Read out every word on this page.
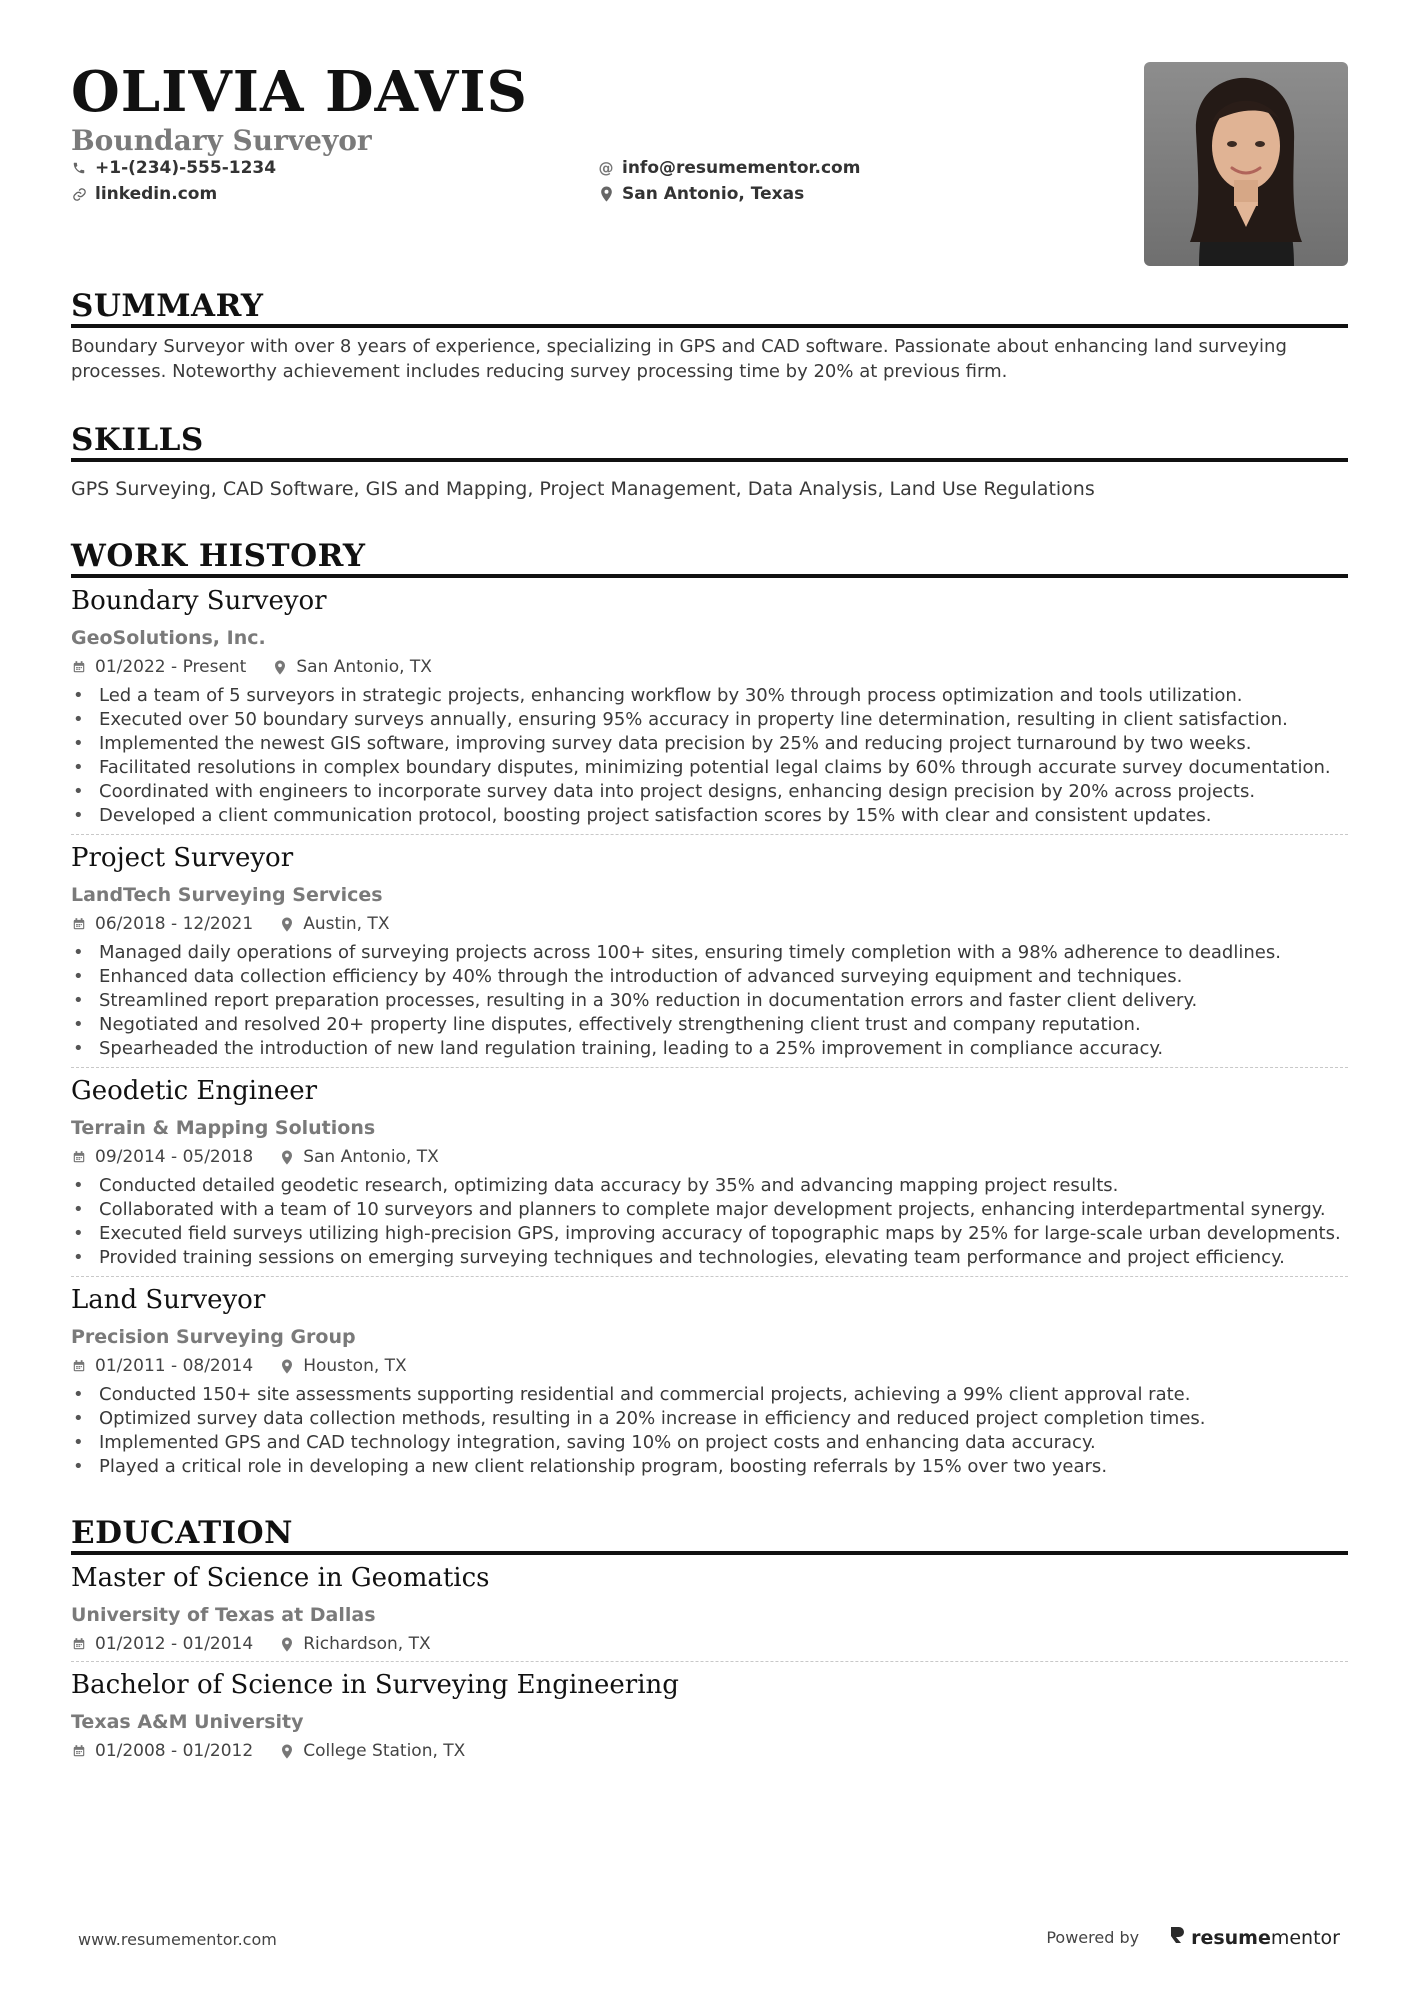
OLIVIA DAVIS
Boundary Surveyor
+1-(234)-555-1234
linkedin.com
@ info@resumementor.com
San Antonio, Texas
SUMMARY
Boundary Surveyor with over 8 years of experience, specializing in GPS and CAD software. Passionate about enhancing land surveying processes. Noteworthy achievement includes reducing survey processing time by 20% at previous firm.
SKILLS
GPS Surveying, CAD Software, GIS and Mapping, Project Management, Data Analysis, Land Use Regulations
WORK HISTORY
Boundary Surveyor
GeoSolutions, Inc.
01/2022 - Present	San Antonio, TX
• Led a team of 5 surveyors in strategic projects, enhancing workflow by 30% through process optimization and tools utilization.
• Executed over 50 boundary surveys annually, ensuring 95% accuracy in property line determination, resulting in client satisfaction.
• Implemented the newest GIS software, improving survey data precision by 25% and reducing project turnaround by two weeks.
• Facilitated resolutions in complex boundary disputes, minimizing potential legal claims by 60% through accurate survey documentation.
• Coordinated with engineers to incorporate survey data into project designs, enhancing design precision by 20% across projects.
• Developed a client communication protocol, boosting project satisfaction scores by 15% with clear and consistent updates.
Project Surveyor
LandTech Surveying Services
06/2018 - 12/2021	Austin, TX
• Managed daily operations of surveying projects across 100+ sites, ensuring timely completion with a 98% adherence to deadlines.
• Enhanced data collection efficiency by 40% through the introduction of advanced surveying equipment and techniques.
• Streamlined report preparation processes, resulting in a 30% reduction in documentation errors and faster client delivery.
• Negotiated and resolved 20+ property line disputes, effectively strengthening client trust and company reputation.
• Spearheaded the introduction of new land regulation training, leading to a 25% improvement in compliance accuracy.
Geodetic Engineer
Terrain & Mapping Solutions
09/2014 - 05/2018	San Antonio, TX
• Conducted detailed geodetic research, optimizing data accuracy by 35% and advancing mapping project results.
• Collaborated with a team of 10 surveyors and planners to complete major development projects, enhancing interdepartmental synergy.
• Executed field surveys utilizing high-precision GPS, improving accuracy of topographic maps by 25% for large-scale urban developments.
• Provided training sessions on emerging surveying techniques and technologies, elevating team performance and project efficiency.
Land Surveyor
Precision Surveying Group
01/2011 - 08/2014	Houston, TX
• Conducted 150+ site assessments supporting residential and commercial projects, achieving a 99% client approval rate.
• Optimized survey data collection methods, resulting in a 20% increase in efficiency and reduced project completion times.
• Implemented GPS and CAD technology integration, saving 10% on project costs and enhancing data accuracy.
• Played a critical role in developing a new client relationship program, boosting referrals by 15% over two years.
EDUCATION
Master of Science in Geomatics
University of Texas at Dallas
01/2012 - 01/2014	Richardson, TX
Bachelor of Science in Surveying Engineering
Texas A&M University
01/2008 - 01/2012	College Station, TX
www.resumementor.com	Powered by	resumementor
